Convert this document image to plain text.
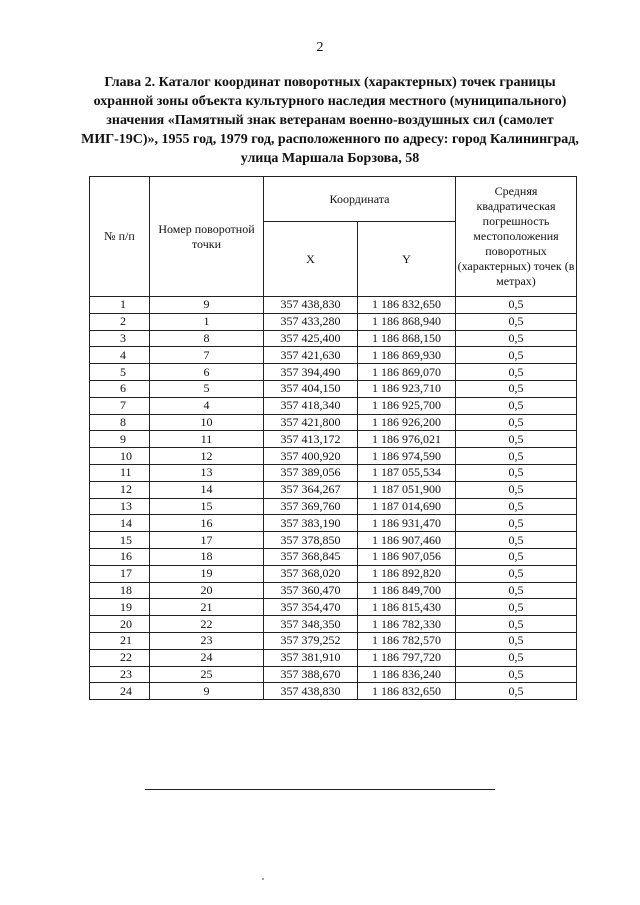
2
Глава 2. Каталог координат поворотных (характерных) точек границы охранной зоны объекта культурного наследия местного (муниципального) значения «Памятный знак ветеранам военно-воздушных сил (самолет МИГ-19С)», 1955 год, 1979 год, расположенного по адресу: город Калининград, улица Маршала Борзова, 58
№ п/п	Номер поворотной точки	Координата		Средняя квадратическая погрешность местоположения поворотных (характерных) точек (в метрах)
		X	Y	
1	9	357 438,830	1 186 832,650	0,5
2	1	357 433,280	1 186 868,940	0,5
3	8	357 425,400	1 186 868,150	0,5
4	7	357 421,630	1 186 869,930	0,5
5	6	357 394,490	1 186 869,070	0,5
6	5	357 404,150	1 186 923,710	0,5
7	4	357 418,340	1 186 925,700	0,5
8	10	357 421,800	1 186 926,200	0,5
9	11	357 413,172	1 186 976,021	0,5
10	12	357 400,920	1 186 974,590	0,5
11	13	357 389,056	1 187 055,534	0,5
12	14	357 364,267	1 187 051,900	0,5
13	15	357 369,760	1 187 014,690	0,5
14	16	357 383,190	1 186 931,470	0,5
15	17	357 378,850	1 186 907,460	0,5
16	18	357 368,845	1 186 907,056	0,5
17	19	357 368,020	1 186 892,820	0,5
18	20	357 360,470	1 186 849,700	0,5
19	21	357 354,470	1 186 815,430	0,5
20	22	357 348,350	1 186 782,330	0,5
21	23	357 379,252	1 186 782,570	0,5
22	24	357 381,910	1 186 797,720	0,5
23	25	357 388,670	1 186 836,240	0,5
24	9	357 438,830	1 186 832,650	0,5
